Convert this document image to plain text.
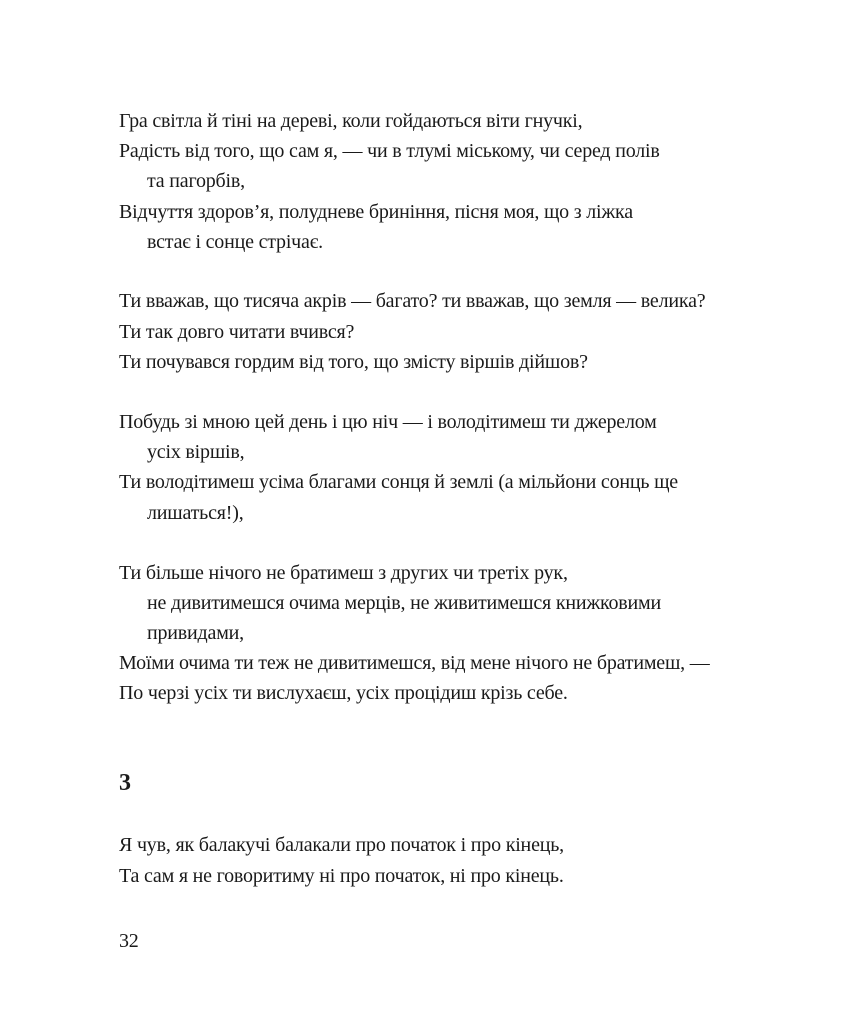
Гра світла й тіні на дереві, коли гойдаються віти гнучкі,
Радість від того, що сам я, — чи в тлумі міському, чи серед полів
та пагорбів,
Відчуття здоров’я, полудневе бриніння, пісня моя, що з ліжка
встає і сонце стрічає.
Ти вважав, що тисяча акрів — багато? ти вважав, що земля — велика?
Ти так довго читати вчився?
Ти почувався гордим від того, що змісту віршів дійшов?
Побудь зі мною цей день і цю ніч — і володітимеш ти джерелом
усіх віршів,
Ти володітимеш усіма благами сонця й землі (а мільйони сонць ще
лишаться!),
Ти більше нічого не братимеш з других чи третіх рук,
не дивитимешся очима мерців, не живитимешся книжковими
привидами,
Моїми очима ти теж не дивитимешся, від мене нічого не братимеш, —
По черзі усіх ти вислухаєш, усіх процідиш крізь себе.
3
Я чув, як балакучі балакали про початок і про кінець,
Та сам я не говоритиму ні про початок, ні про кінець.
32
